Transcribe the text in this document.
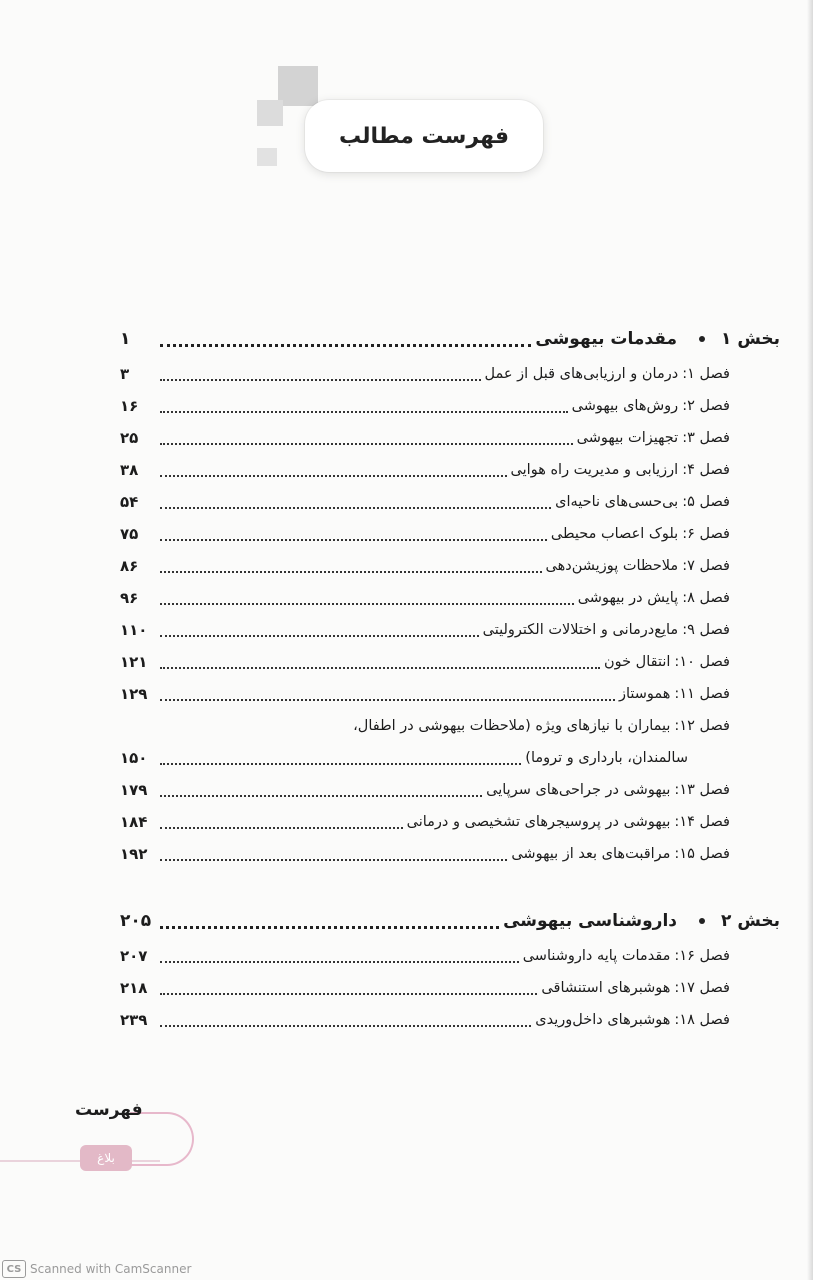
فهرست مطالب
بخش ۱
مقدمات بیهوشی
۱
فصل ۱:
درمان و ارزیابی‌های قبل از عمل
۳
فصل ۲:
روش‌های بیهوشی
۱۶
فصل ۳:
تجهیزات بیهوشی
۲۵
فصل ۴:
ارزیابی و مدیریت راه هوایی
۳۸
فصل ۵:
بی‌حسی‌های ناحیه‌ای
۵۴
فصل ۶:
بلوک اعصاب محیطی
۷۵
فصل ۷:
ملاحظات پوزیشن‌دهی
۸۶
فصل ۸:
پایش در بیهوشی
۹۶
فصل ۹:
مایع‌درمانی و اختلالات الکترولیتی
۱۱۰
فصل ۱۰:
انتقال خون
۱۲۱
فصل ۱۱:
هموستاز
۱۲۹
فصل ۱۲:
بیماران با نیازهای ویژه (ملاحظات بیهوشی در اطفال،
سالمندان، بارداری و تروما)
۱۵۰
فصل ۱۳:
بیهوشی در جراحی‌های سرپایی
۱۷۹
فصل ۱۴:
بیهوشی در پروسیجرهای تشخیصی و درمانی
۱۸۴
فصل ۱۵:
مراقبت‌های بعد از بیهوشی
۱۹۲
بخش ۲
داروشناسی بیهوشی
۲۰۵
فصل ۱۶:
مقدمات پایه داروشناسی
۲۰۷
فصل ۱۷:
هوشبرهای استنشاقی
۲۱۸
فصل ۱۸:
هوشبرهای داخل‌وریدی
۲۳۹
فهرست
بلاغ
CS Scanned with CamScanner
